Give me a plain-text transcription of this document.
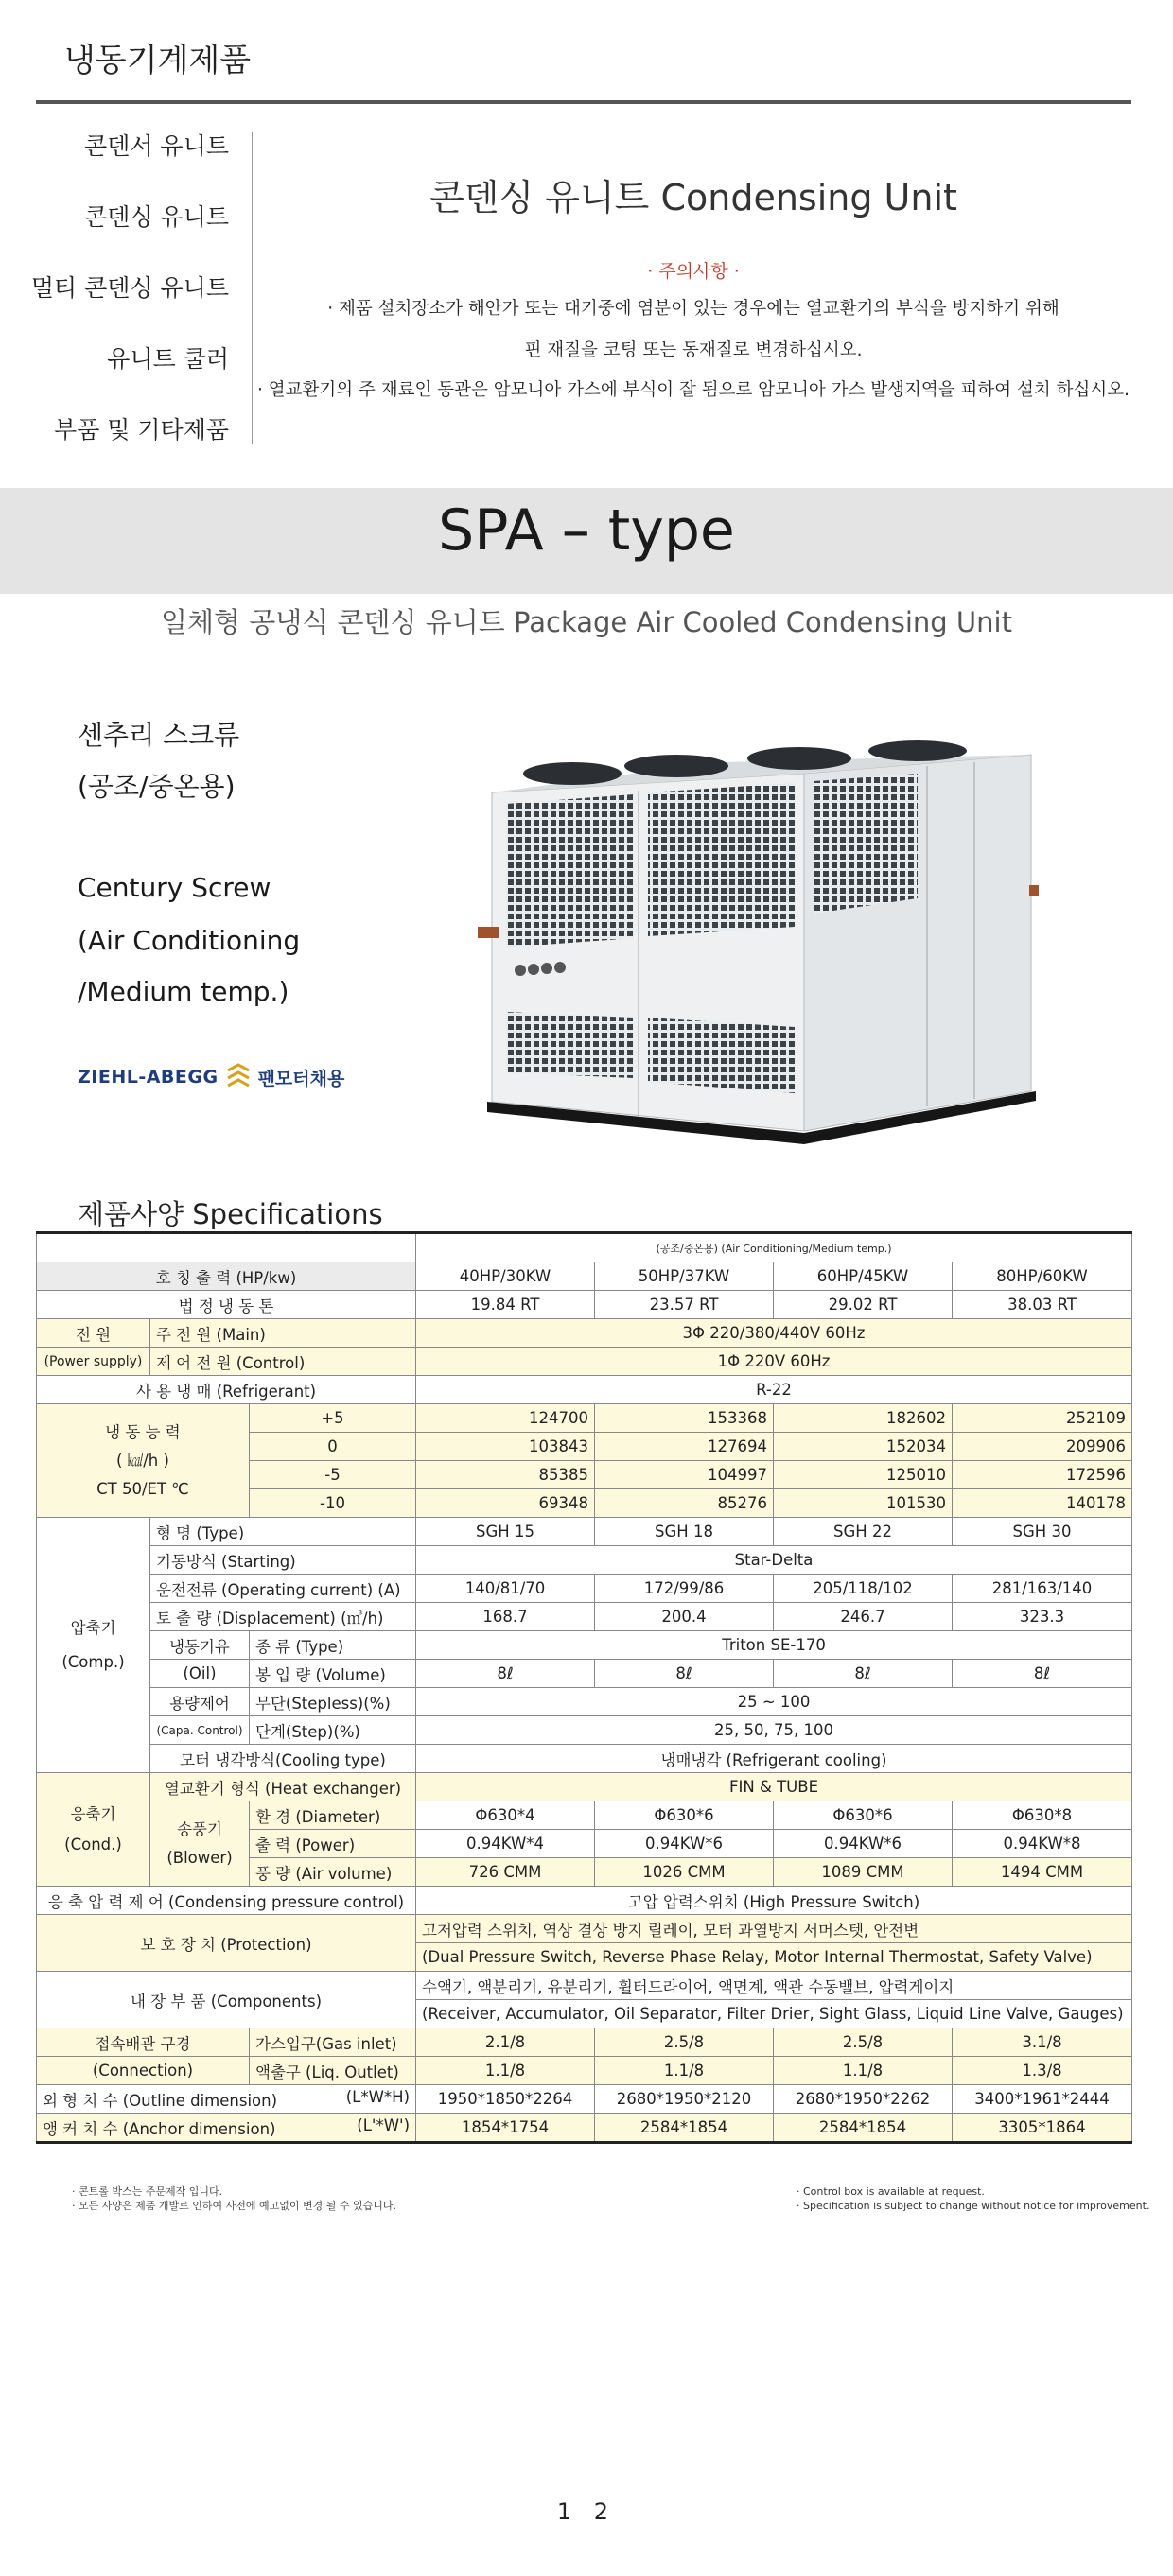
냉동기계제품
콘덴서 유니트
콘덴싱 유니트
멀티 콘덴싱 유니트
유니트 쿨러
부품 및 기타제품
콘덴싱 유니트 Condensing Unit
· 주의사항 ·
· 제품 설치장소가 해안가 또는 대기중에 염분이 있는 경우에는 열교환기의 부식을 방지하기 위해
핀 재질을 코팅 또는 동재질로 변경하십시오.
· 열교환기의 주 재료인 동관은 암모니아 가스에 부식이 잘 됨으로 암모니아 가스 발생지역을 피하여 설치 하십시오.
SPA – type
일체형 공냉식 콘덴싱 유니트 Package Air Cooled Condensing Unit
센추리 스크류
(공조/중온용)
Century Screw
(Air Conditioning
/Medium temp.)
ZIEHL-ABEGG 팬모터채용
제품사양 Specifications
			(공조/중온용) (Air Conditioning/Medium temp.)			
호 칭 출 력 (HP/kw)			40HP/30KW	50HP/37KW	60HP/45KW	80HP/60KW
법 정 냉 동 톤			19.84 RT	23.57 RT	29.02 RT	38.03 RT
전 원	주 전 원 (Main)		3Φ 220/380/440V 60Hz			
(Power supply)	제 어 전 원 (Control)		1Φ 220V 60Hz			
사 용 냉 매 (Refrigerant)			R-22			

냉 동 능 력
( ㎉/h )
CT 50/ET ℃		+5	124700	153368	182602	252109
		0	103843	127694	152034	209906
		-5	85385	104997	125010	172596
		-10	69348	85276	101530	140178

압축기
(Comp.)	형 명 (Type)		SGH 15	SGH 18	SGH 22	SGH 30
	기동방식 (Starting)		Star-Delta			
	운전전류 (Operating current) (A)		140/81/70	172/99/86	205/118/102	281/163/140
	토 출 량 (Displacement) (㎥/h)		168.7	200.4	246.7	323.3
	냉동기유	종 류 (Type)	Triton SE-170			
	(Oil)	봉 입 량 (Volume)	8ℓ	8ℓ	8ℓ	8ℓ
	용량제어	무단(Stepless)(%)	25 ~ 100			
	(Capa. Control)	단계(Step)(%)	25, 50, 75, 100			
	모터 냉각방식(Cooling type)		냉매냉각 (Refrigerant cooling)			

응축기
(Cond.)	열교환기 형식 (Heat exchanger)		FIN & TUBE			

	송풍기
(Blower)	환 경 (Diameter)	Φ630*4	Φ630*6	Φ630*6	Φ630*8
		출 력 (Power)	0.94KW*4	0.94KW*6	0.94KW*6	0.94KW*8
		풍 량 (Air volume)	726 CMM	1026 CMM	1089 CMM	1494 CMM
응 축 압 력 제 어 (Condensing pressure control)			고압 압력스위치 (High Pressure Switch)			
보 호 장 치 (Protection)			고저압력 스위치, 역상 결상 방지 릴레이, 모터 과열방지 서머스텟, 안전변			
			(Dual Pressure Switch, Reverse Phase Relay, Motor Internal Thermostat, Safety Valve)			
내 장 부 품 (Components)			수액기, 액분리기, 유분리기, 휠터드라이어, 액면계, 액관 수동밸브, 압력게이지			
			(Receiver, Accumulator, Oil Separator, Filter Drier, Sight Glass, Liquid Line Valve, Gauges)			
접속배관 구경		가스입구(Gas inlet)	2.1/8	2.5/8	2.5/8	3.1/8
(Connection)		액출구 (Liq. Outlet)	1.1/8	1.1/8	1.1/8	1.3/8
외 형 치 수 (Outline dimension) (L*W*H)			1950*1850*2264	2680*1950*2120	2680*1950*2262	3400*1961*2444
앵 커 치 수 (Anchor dimension) (L'*W')			1854*1754	2584*1854	2584*1854	3305*1864
· 콘트롤 박스는 주문제작 입니다.
· 모든 사양은 제품 개발로 인하여 사전에 예고없이 변경 될 수 있습니다.
· Control box is available at request.
· Specification is subject to change without notice for improvement.
1 2
